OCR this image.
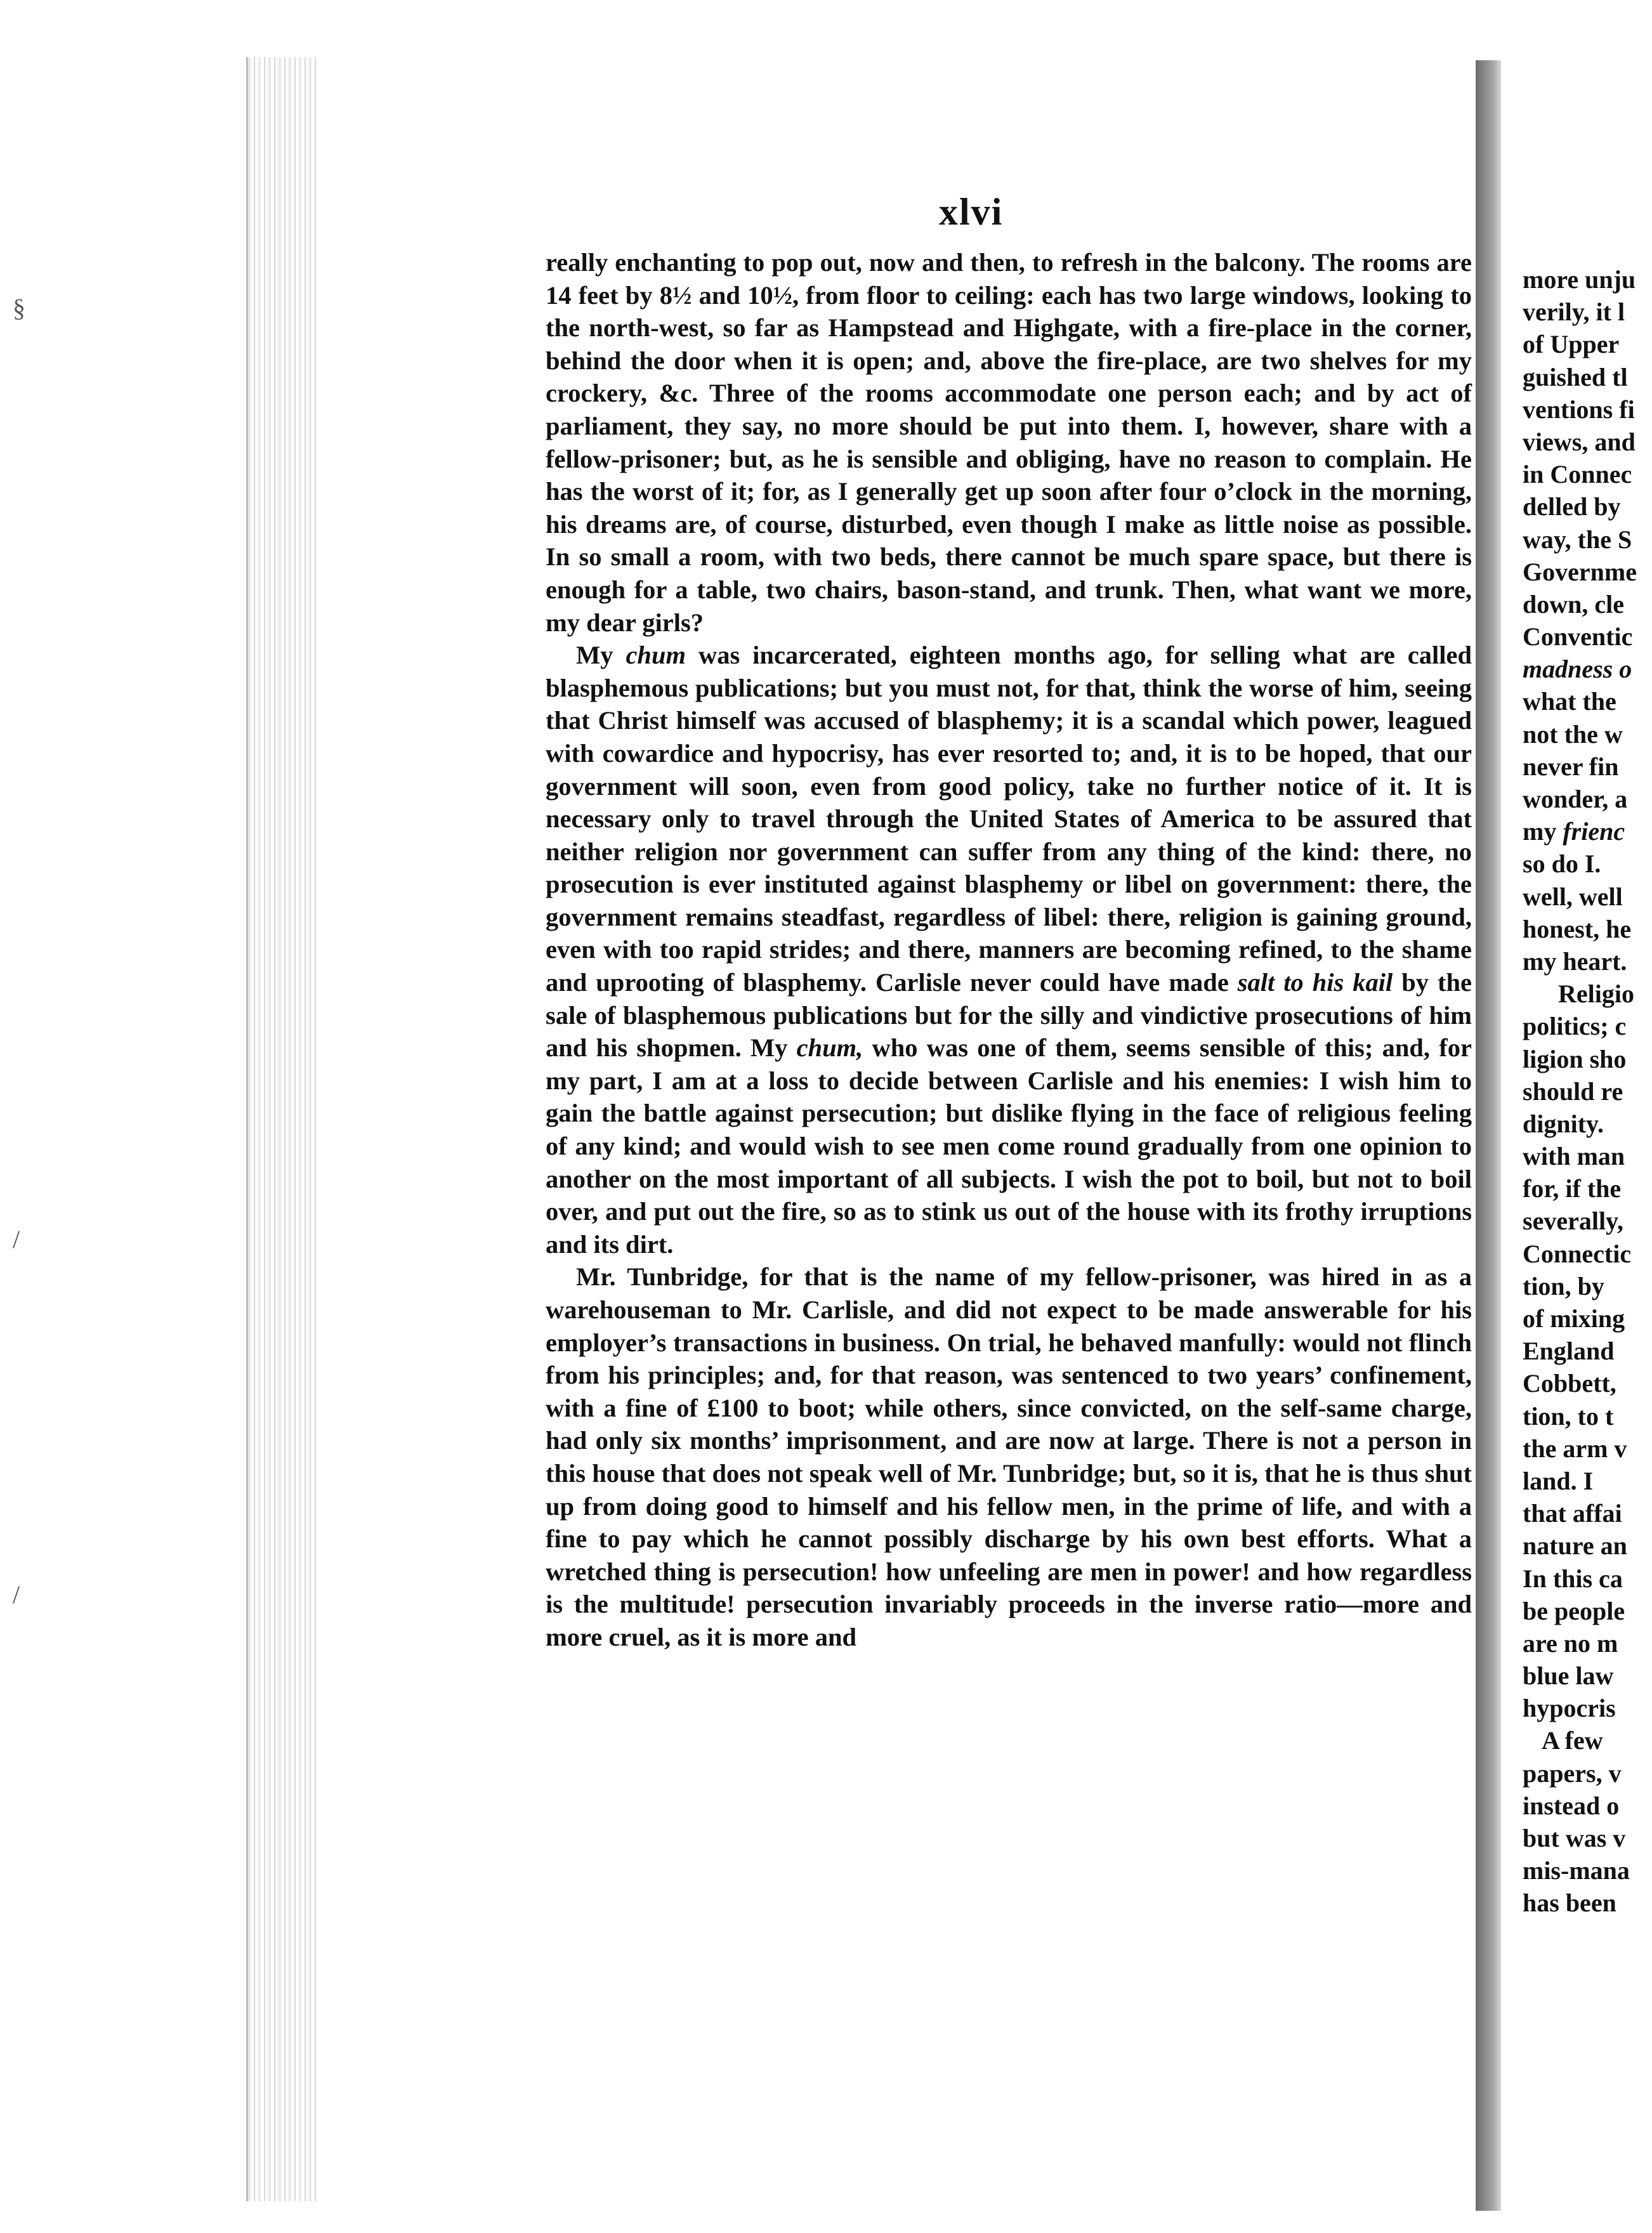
§
/
/
xlvi

really enchanting to pop out, now and then, to refresh in the balcony. The rooms are 14 feet by 8½ and 10½, from floor to ceiling: each has two large windows, looking to the north-west, so far as Hampstead and Highgate, with a fire-place in the corner, behind the door when it is open; and, above the fire-place, are two shelves for my crockery, &c. Three of the rooms accommodate one person each; and by act of parliament, they say, no more should be put into them. I, however, share with a fellow-prisoner; but, as he is sensible and obliging, have no reason to complain. He has the worst of it; for, as I generally get up soon after four o’clock in the morning, his dreams are, of course, disturbed, even though I make as little noise as possible. In so small a room, with two beds, there cannot be much spare space, but there is enough for a table, two chairs, bason-stand, and trunk. Then, what want we more, my dear girls?

My chum was incarcerated, eighteen months ago, for selling what are called blasphemous publications; but you must not, for that, think the worse of him, seeing that Christ himself was accused of blasphemy; it is a scandal which power, leagued with cowardice and hypocrisy, has ever resorted to; and, it is to be hoped, that our government will soon, even from good policy, take no further notice of it. It is necessary only to travel through the United States of America to be assured that neither religion nor government can suffer from any thing of the kind: there, no prosecution is ever instituted against blasphemy or libel on government: there, the government remains steadfast, regardless of libel: there, religion is gaining ground, even with too rapid strides; and there, manners are becoming refined, to the shame and uprooting of blasphemy. Carlisle never could have made salt to his kail by the sale of blasphemous publications but for the silly and vindictive prosecutions of him and his shopmen. My chum, who was one of them, seems sensible of this; and, for my part, I am at a loss to decide between Carlisle and his enemies: I wish him to gain the battle against persecution; but dislike flying in the face of religious feeling of any kind; and would wish to see men come round gradually from one opinion to another on the most important of all subjects. I wish the pot to boil, but not to boil over, and put out the fire, so as to stink us out of the house with its frothy irruptions and its dirt.

Mr. Tunbridge, for that is the name of my fellow-prisoner, was hired in as a warehouseman to Mr. Carlisle, and did not expect to be made answerable for his employer’s transactions in business. On trial, he behaved manfully: would not flinch from his principles; and, for that reason, was sentenced to two years’ confinement, with a fine of £100 to boot; while others, since convicted, on the self-same charge, had only six months’ imprisonment, and are now at large. There is not a person in this house that does not speak well of Mr. Tunbridge; but, so it is, that he is thus shut up from doing good to himself and his fellow men, in the prime of life, and with a fine to pay which he cannot possibly discharge by his own best efforts. What a wretched thing is persecution! how unfeeling are men in power! and how regardless is the multitude! persecution invariably proceeds in the inverse ratio—more and more cruel, as it is more and

more unju
verily, it l
of Upper
guished tl
ventions fi
views, and
in Connec
delled by
way, the S
Governme
down, cle
Conventic
madness o
what the
not the w
never fin
wonder, a
my frienc
so do I.
well, well
honest, he
my heart.
Religio
politics; c
ligion sho
should re
dignity.
with man
for, if the
severally,
Connectic
tion, by
of mixing
England
Cobbett,
tion, to t
the arm v
land. I
that affai
nature an
In this ca
be people
are no m
blue law
hypocris
A few
papers, v
instead o
but was v
mis-mana
has been
